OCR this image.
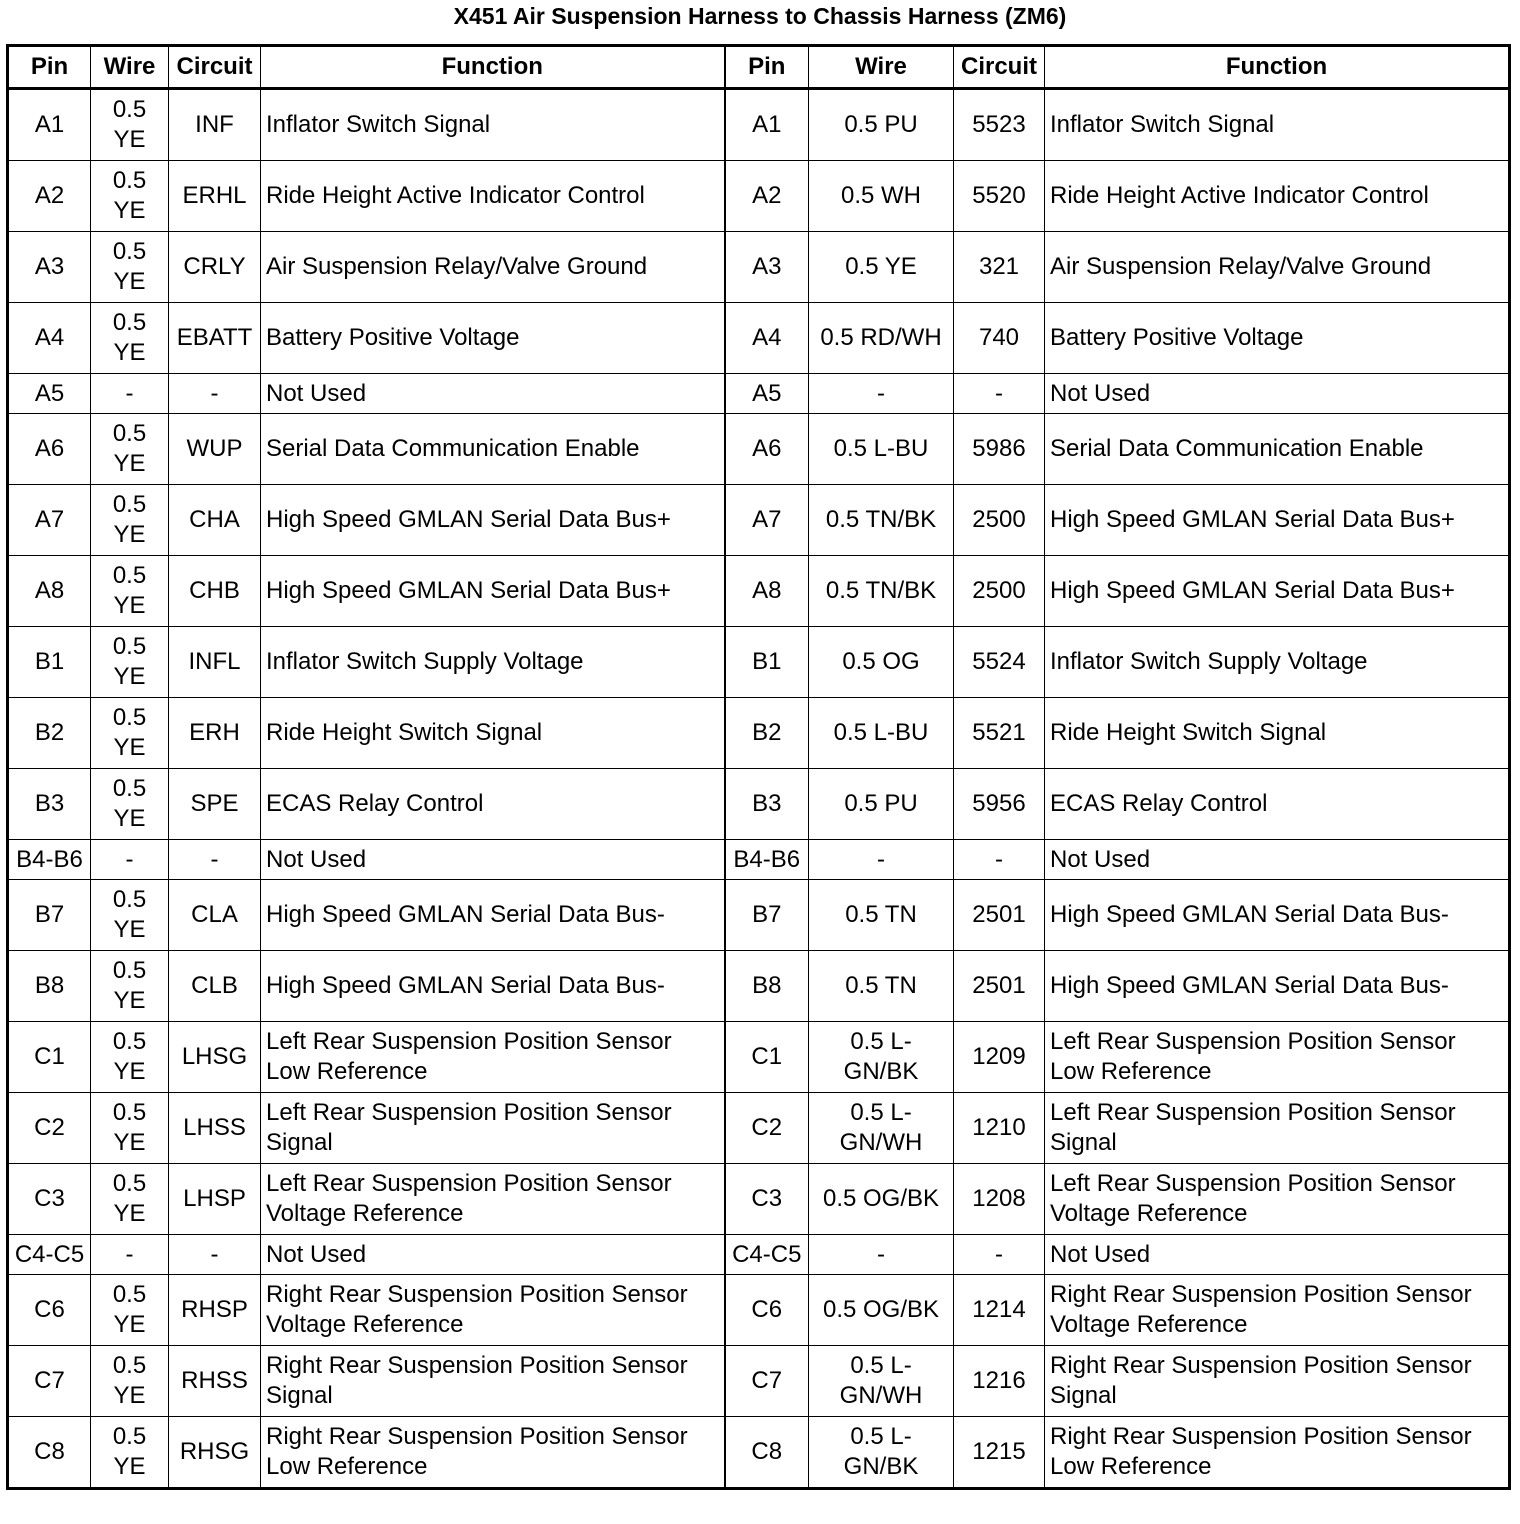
X451 Air Suspension Harness to Chassis Harness (ZM6)
Pin	Wire	Circuit	Function	Pin	Wire	Circuit	Function
A1	0.5 YE	INF	Inflator Switch Signal	A1	0.5 PU	5523	Inflator Switch Signal
A2	0.5 YE	ERHL	Ride Height Active Indicator Control	A2	0.5 WH	5520	Ride Height Active Indicator Control
A3	0.5 YE	CRLY	Air Suspension Relay/Valve Ground	A3	0.5 YE	321	Air Suspension Relay/Valve Ground
A4	0.5 YE	EBATT	Battery Positive Voltage	A4	0.5 RD/WH	740	Battery Positive Voltage
A5	-	-	Not Used	A5	-	-	Not Used
A6	0.5 YE	WUP	Serial Data Communication Enable	A6	0.5 L-BU	5986	Serial Data Communication Enable
A7	0.5 YE	CHA	High Speed GMLAN Serial Data Bus+	A7	0.5 TN/BK	2500	High Speed GMLAN Serial Data Bus+
A8	0.5 YE	CHB	High Speed GMLAN Serial Data Bus+	A8	0.5 TN/BK	2500	High Speed GMLAN Serial Data Bus+
B1	0.5 YE	INFL	Inflator Switch Supply Voltage	B1	0.5 OG	5524	Inflator Switch Supply Voltage
B2	0.5 YE	ERH	Ride Height Switch Signal	B2	0.5 L-BU	5521	Ride Height Switch Signal
B3	0.5 YE	SPE	ECAS Relay Control	B3	0.5 PU	5956	ECAS Relay Control
B4-B6	-	-	Not Used	B4-B6	-	-	Not Used
B7	0.5 YE	CLA	High Speed GMLAN Serial Data Bus-	B7	0.5 TN	2501	High Speed GMLAN Serial Data Bus-
B8	0.5 YE	CLB	High Speed GMLAN Serial Data Bus-	B8	0.5 TN	2501	High Speed GMLAN Serial Data Bus-
C1	0.5 YE	LHSG	Left Rear Suspension Position Sensor Low Reference	C1	0.5 L-GN/BK	1209	Left Rear Suspension Position Sensor Low Reference
C2	0.5 YE	LHSS	Left Rear Suspension Position Sensor Signal	C2	0.5 L-GN/WH	1210	Left Rear Suspension Position Sensor Signal
C3	0.5 YE	LHSP	Left Rear Suspension Position Sensor Voltage Reference	C3	0.5 OG/BK	1208	Left Rear Suspension Position Sensor Voltage Reference
C4-C5	-	-	Not Used	C4-C5	-	-	Not Used
C6	0.5 YE	RHSP	Right Rear Suspension Position Sensor Voltage Reference	C6	0.5 OG/BK	1214	Right Rear Suspension Position Sensor Voltage Reference
C7	0.5 YE	RHSS	Right Rear Suspension Position Sensor Signal	C7	0.5 L-GN/WH	1216	Right Rear Suspension Position Sensor Signal
C8	0.5 YE	RHSG	Right Rear Suspension Position Sensor Low Reference	C8	0.5 L-GN/BK	1215	Right Rear Suspension Position Sensor Low Reference
